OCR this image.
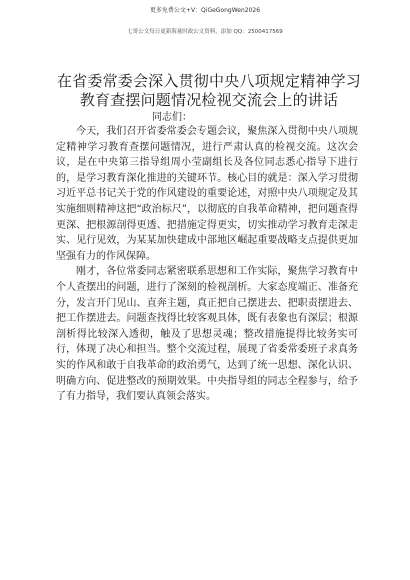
更多免费公文+V：QiGeGongWen2026
七哥公文每日更新海量时政公文资料，添加 QQ：2500417569
在省委常委会深入贯彻中央八项规定精神学习教育查摆问题情况检视交流会上的讲话
同志们：

今天，我们召开省委常委会专题会议，聚焦深入贯彻中央八项规定精神学习教育查摆问题情况，进行严肃认真的检视交流。这次会议，是在中央第三指导组周小莹副组长及各位同志悉心指导下进行的，是学习教育深化推进的关键环节。核心目的就是：深入学习贯彻习近平总书记关于党的作风建设的重要论述，对照中央八项规定及其实施细则精神这把“政治标尺”，以彻底的自我革命精神，把问题查得更深、把根源剖得更透、把措施定得更实，切实推动学习教育走深走实、见行见效，为某某加快建成中部地区崛起重要战略支点提供更加坚强有力的作风保障。

刚才，各位常委同志紧密联系思想和工作实际，聚焦学习教育中个人查摆出的问题，进行了深刻的检视剖析。大家态度端正、准备充分，发言开门见山、直奔主题，真正把自己摆进去、把职责摆进去、把工作摆进去。问题查找得比较客观具体，既有表象也有深层；根源剖析得比较深入透彻，触及了思想灵魂；整改措施提得比较务实可行，体现了决心和担当。整个交流过程，展现了省委常委班子求真务实的作风和敢于自我革命的政治勇气，达到了统一思想、深化认识、明确方向、促进整改的预期效果。中央指导组的同志全程参与，给予了有力指导，我们要认真领会落实。
